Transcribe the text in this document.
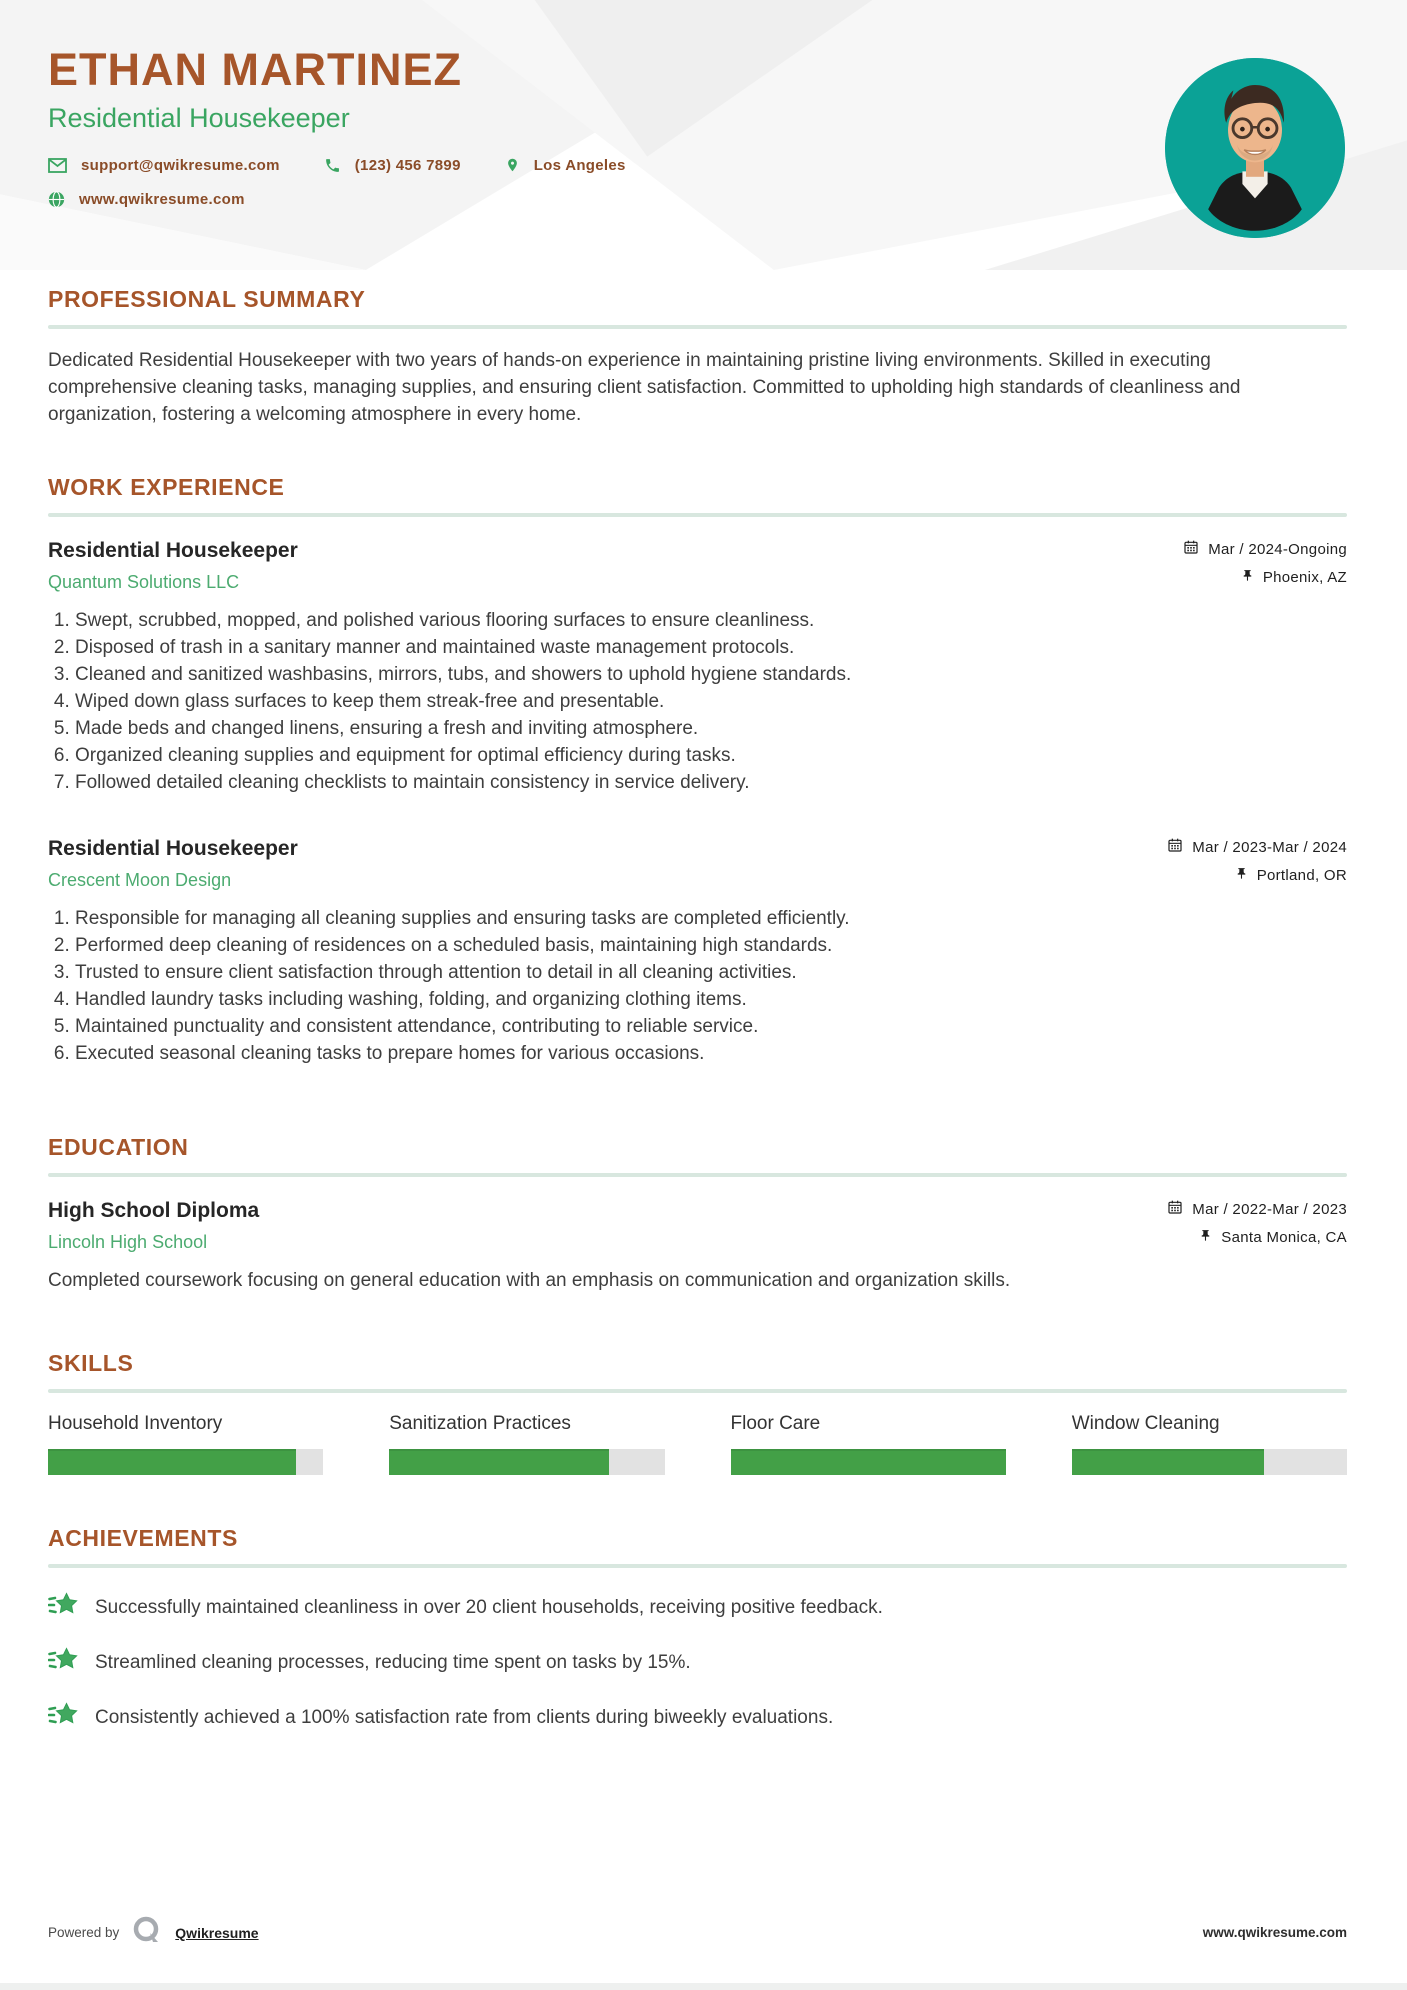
ETHAN MARTINEZ
Residential Housekeeper
support@qwikresume.com	(123) 456 7899	Los Angeles
www.qwikresume.com
PROFESSIONAL SUMMARY

Dedicated Residential Housekeeper with two years of hands-on experience in maintaining pristine living environments. Skilled in executing comprehensive cleaning tasks, managing supplies, and ensuring client satisfaction. Committed to upholding high standards of cleanliness and organization, fostering a welcoming atmosphere in every home.

WORK EXPERIENCE
Residential Housekeeper
Quantum Solutions LLC
Mar / 2024-Ongoing
Phoenix, AZ
1. Swept, scrubbed, mopped, and polished various flooring surfaces to ensure cleanliness.
2. Disposed of trash in a sanitary manner and maintained waste management protocols.
3. Cleaned and sanitized washbasins, mirrors, tubs, and showers to uphold hygiene standards.
4. Wiped down glass surfaces to keep them streak-free and presentable.
5. Made beds and changed linens, ensuring a fresh and inviting atmosphere.
6. Organized cleaning supplies and equipment for optimal efficiency during tasks.
7. Followed detailed cleaning checklists to maintain consistency in service delivery.
Residential Housekeeper
Crescent Moon Design
Mar / 2023-Mar / 2024
Portland, OR
1. Responsible for managing all cleaning supplies and ensuring tasks are completed efficiently.
2. Performed deep cleaning of residences on a scheduled basis, maintaining high standards.
3. Trusted to ensure client satisfaction through attention to detail in all cleaning activities.
4. Handled laundry tasks including washing, folding, and organizing clothing items.
5. Maintained punctuality and consistent attendance, contributing to reliable service.
6. Executed seasonal cleaning tasks to prepare homes for various occasions.
EDUCATION
High School Diploma
Lincoln High School
Mar / 2022-Mar / 2023
Santa Monica, CA

Completed coursework focusing on general education with an emphasis on communication and organization skills.

SKILLS
Household Inventory	Sanitization Practices	Floor Care	Window Cleaning
ACHIEVEMENTS
Successfully maintained cleanliness in over 20 client households, receiving positive feedback.
Streamlined cleaning processes, reducing time spent on tasks by 15%.
Consistently achieved a 100% satisfaction rate from clients during biweekly evaluations.
Powered by	Qwikresume	www.qwikresume.com
